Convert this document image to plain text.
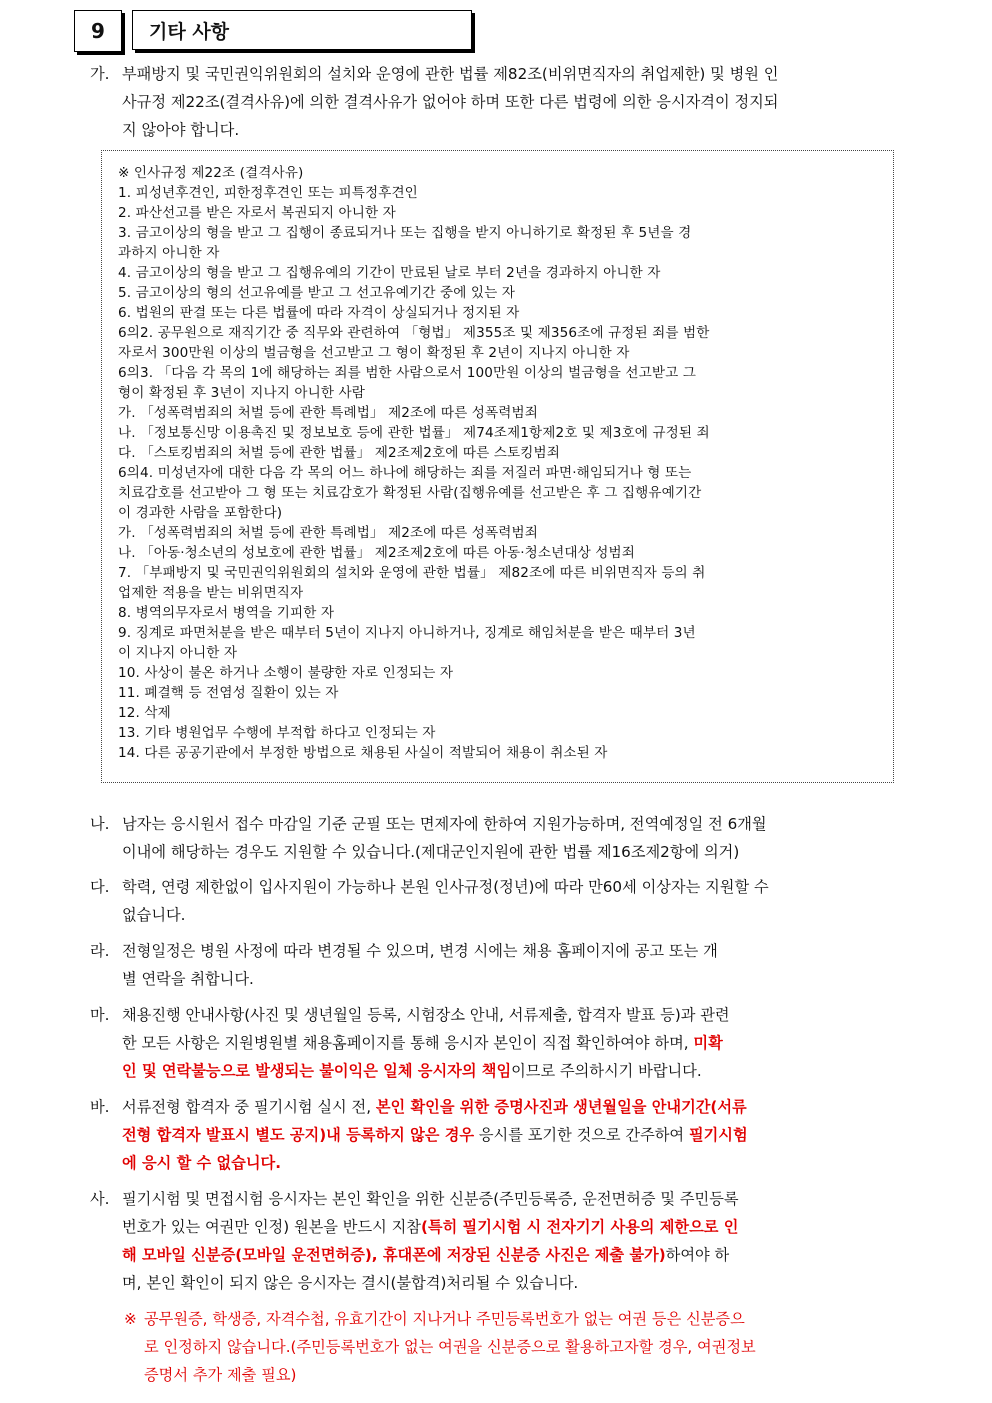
9	기타 사항
가. 부패방지 및 국민권익위원회의 설치와 운영에 관한 법률 제82조(비위면직자의 취업제한) 및 병원 인
사규정 제22조(결격사유)에 의한 결격사유가 없어야 하며 또한 다른 법령에 의한 응시자격이 정지되
지 않아야 합니다.
※ 인사규정 제22조 (결격사유)
1. 피성년후견인, 피한정후견인 또는 피특정후견인
2. 파산선고를 받은 자로서 복권되지 아니한 자
3. 금고이상의 형을 받고 그 집행이 종료되거나 또는 집행을 받지 아니하기로 확정된 후 5년을 경
과하지 아니한 자
4. 금고이상의 형을 받고 그 집행유예의 기간이 만료된 날로 부터 2년을 경과하지 아니한 자
5. 금고이상의 형의 선고유예를 받고 그 선고유예기간 중에 있는 자
6. 법원의 판결 또는 다른 법률에 따라 자격이 상실되거나 정지된 자
6의2. 공무원으로 재직기간 중 직무와 관련하여 「형법」 제355조 및 제356조에 규정된 죄를 범한
자로서 300만원 이상의 벌금형을 선고받고 그 형이 확정된 후 2년이 지나지 아니한 자
6의3. 「다음 각 목의 1에 해당하는 죄를 범한 사람으로서 100만원 이상의 벌금형을 선고받고 그
형이 확정된 후 3년이 지나지 아니한 사람
가. 「성폭력범죄의 처벌 등에 관한 특례법」 제2조에 따른 성폭력범죄
나. 「정보통신망 이용촉진 및 정보보호 등에 관한 법률」 제74조제1항제2호 및 제3호에 규정된 죄
다. 「스토킹범죄의 처벌 등에 관한 법률」 제2조제2호에 따른 스토킹범죄
6의4. 미성년자에 대한 다음 각 목의 어느 하나에 해당하는 죄를 저질러 파면·해임되거나 형 또는
치료감호를 선고받아 그 형 또는 치료감호가 확정된 사람(집행유예를 선고받은 후 그 집행유예기간
이 경과한 사람을 포함한다)
가. 「성폭력범죄의 처벌 등에 관한 특례법」 제2조에 따른 성폭력범죄
나. 「아동·청소년의 성보호에 관한 법률」 제2조제2호에 따른 아동·청소년대상 성범죄
7. 「부패방지 및 국민권익위원회의 설치와 운영에 관한 법률」 제82조에 따른 비위면직자 등의 취
업제한 적용을 받는 비위면직자
8. 병역의무자로서 병역을 기피한 자
9. 징계로 파면처분을 받은 때부터 5년이 지나지 아니하거나, 징계로 해임처분을 받은 때부터 3년
이 지나지 아니한 자
10. 사상이 불온 하거나 소행이 불량한 자로 인정되는 자
11. 폐결핵 등 전염성 질환이 있는 자
12. 삭제
13. 기타 병원업무 수행에 부적합 하다고 인정되는 자
14. 다른 공공기관에서 부정한 방법으로 채용된 사실이 적발되어 채용이 취소된 자
나. 남자는 응시원서 접수 마감일 기준 군필 또는 면제자에 한하여 지원가능하며, 전역예정일 전 6개월
이내에 해당하는 경우도 지원할 수 있습니다.(제대군인지원에 관한 법률 제16조제2항에 의거)
다. 학력, 연령 제한없이 입사지원이 가능하나 본원 인사규정(정년)에 따라 만60세 이상자는 지원할 수
없습니다.
라. 전형일정은 병원 사정에 따라 변경될 수 있으며, 변경 시에는 채용 홈페이지에 공고 또는 개
별 연락을 취합니다.
마. 채용진행 안내사항(사진 및 생년월일 등록, 시험장소 안내, 서류제출, 합격자 발표 등)과 관련
한 모든 사항은 지원병원별 채용홈페이지를 통해 응시자 본인이 직접 확인하여야 하며, 미확
인 및 연락불능으로 발생되는 불이익은 일체 응시자의 책임이므로 주의하시기 바랍니다.
바. 서류전형 합격자 중 필기시험 실시 전, 본인 확인을 위한 증명사진과 생년월일을 안내기간(서류
전형 합격자 발표시 별도 공지)내 등록하지 않은 경우 응시를 포기한 것으로 간주하여 필기시험
에 응시 할 수 없습니다.
사. 필기시험 및 면접시험 응시자는 본인 확인을 위한 신분증(주민등록증, 운전면허증 및 주민등록
번호가 있는 여권만 인정) 원본을 반드시 지참(특히 필기시험 시 전자기기 사용의 제한으로 인
해 모바일 신분증(모바일 운전면허증), 휴대폰에 저장된 신분증 사진은 제출 불가)하여야 하
며, 본인 확인이 되지 않은 응시자는 결시(불합격)처리될 수 있습니다.
※ 공무원증, 학생증, 자격수첩, 유효기간이 지나거나 주민등록번호가 없는 여권 등은 신분증으
로 인정하지 않습니다.(주민등록번호가 없는 여권을 신분증으로 활용하고자할 경우, 여권정보
증명서 추가 제출 필요)
